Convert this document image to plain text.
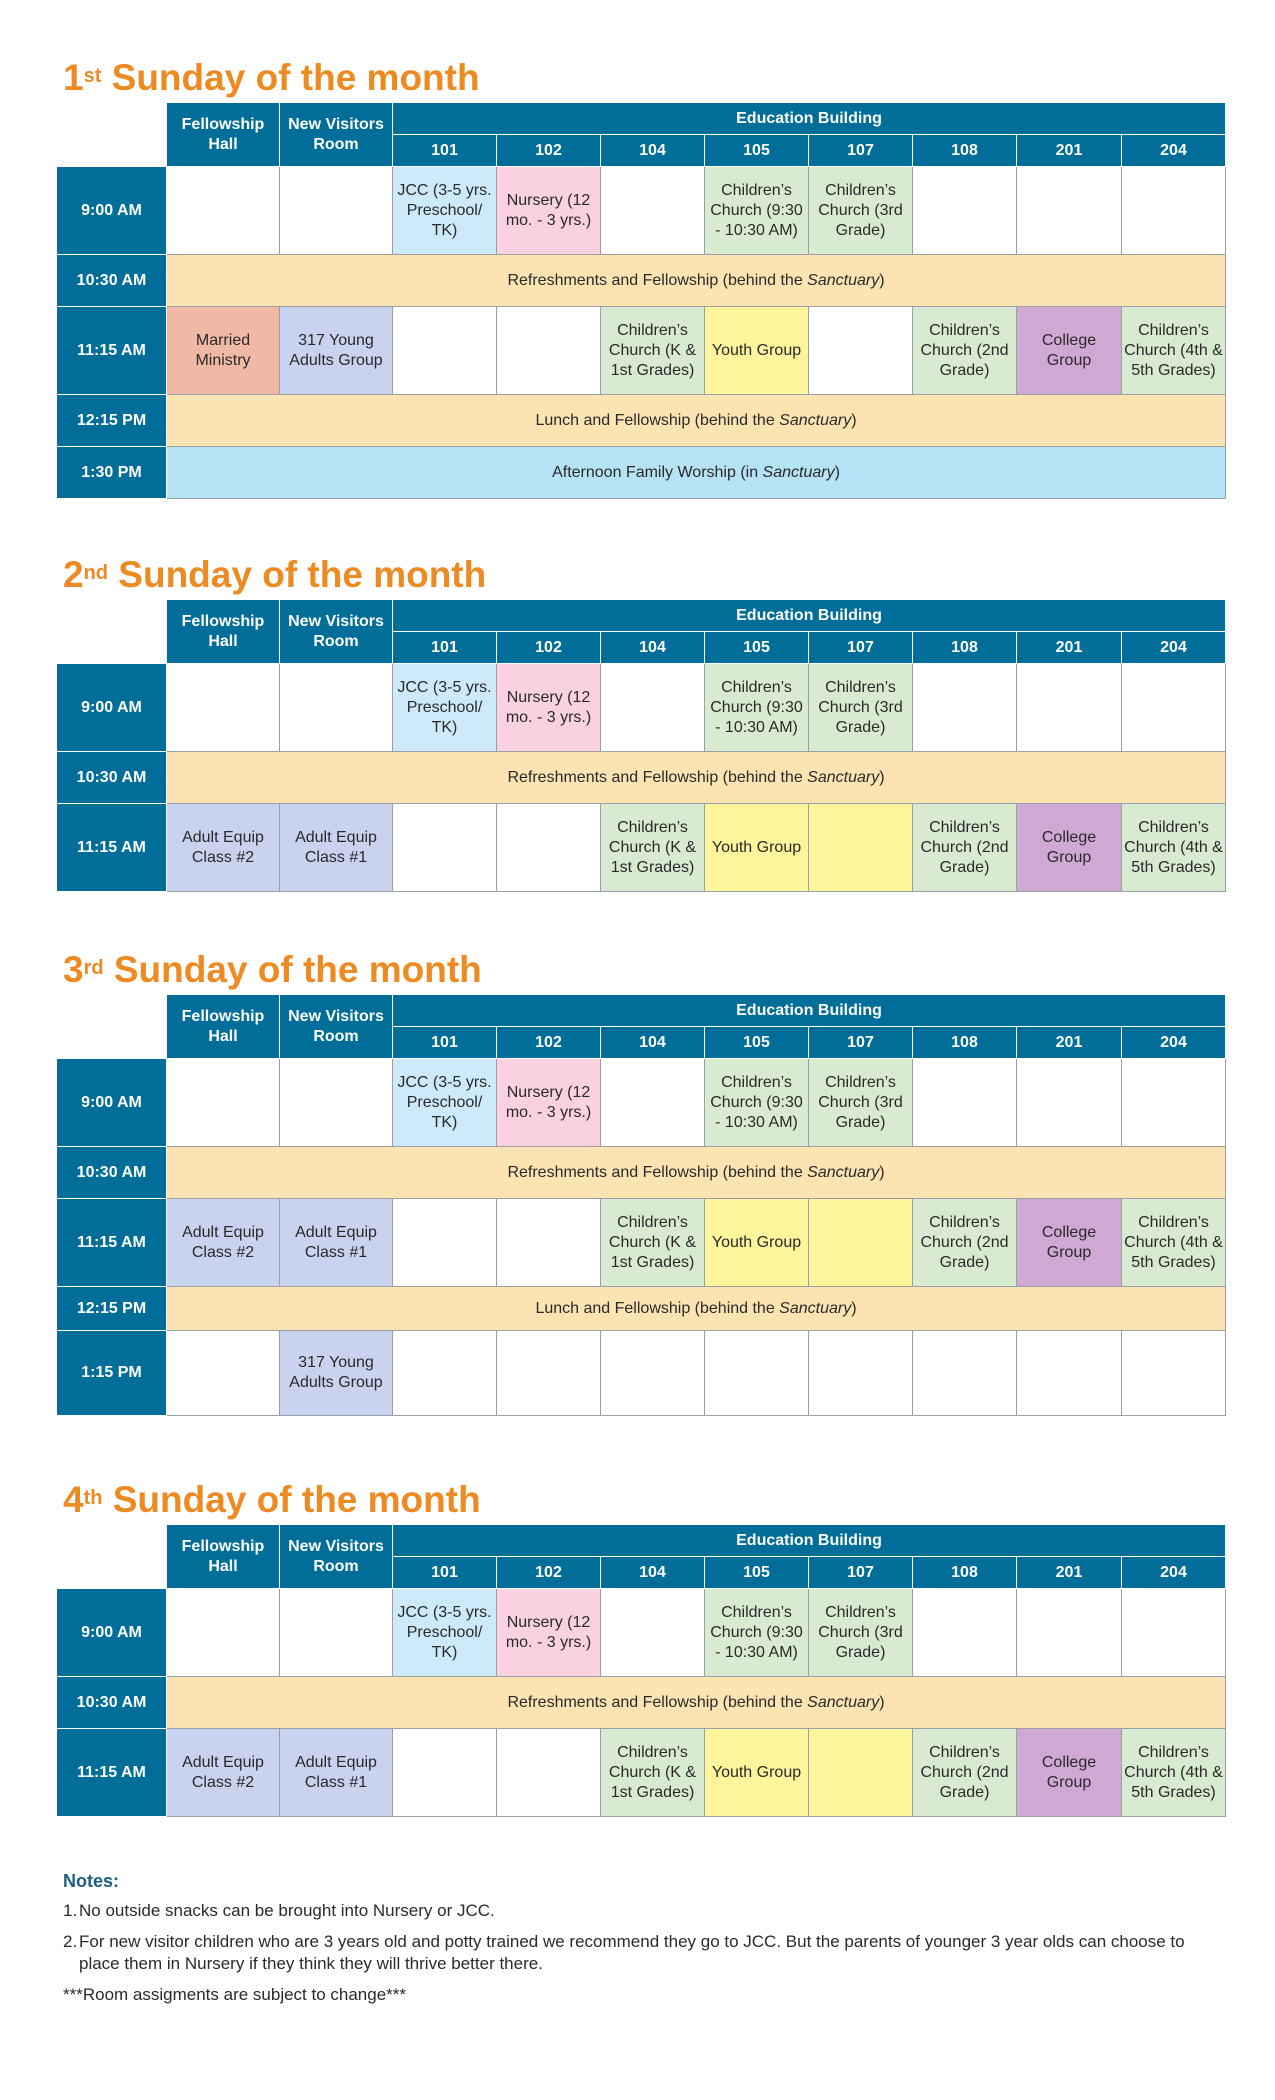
1st Sunday of the month
	Fellowship Hall	New Visitors Room	Education Building							
			101	102	104	105	107	108	201	204
9:00 AM			JCC (3-5 yrs. Preschool/ TK)	Nursery (12 mo. - 3 yrs.)		Children’s Church (9:30 - 10:30 AM)	Children’s Church (3rd Grade)			
10:30 AM	Refreshments and Fellowship (behind the Sanctuary)									
11:15 AM	Married Ministry	317 Young Adults Group			Children’s Church (K & 1st Grades)	Youth Group		Children’s Church (2nd Grade)	College Group	Children’s Church (4th & 5th Grades)
12:15 PM	Lunch and Fellowship (behind the Sanctuary)									
1:30 PM	Afternoon Family Worship (in Sanctuary)									
2nd Sunday of the month
	Fellowship Hall	New Visitors Room	Education Building							
			101	102	104	105	107	108	201	204
9:00 AM			JCC (3-5 yrs. Preschool/ TK)	Nursery (12 mo. - 3 yrs.)		Children’s Church (9:30 - 10:30 AM)	Children’s Church (3rd Grade)			
10:30 AM	Refreshments and Fellowship (behind the Sanctuary)									
11:15 AM	Adult Equip Class #2	Adult Equip Class #1			Children’s Church (K & 1st Grades)	Youth Group		Children’s Church (2nd Grade)	College Group	Children’s Church (4th & 5th Grades)
3rd Sunday of the month
	Fellowship Hall	New Visitors Room	Education Building							
			101	102	104	105	107	108	201	204
9:00 AM			JCC (3-5 yrs. Preschool/ TK)	Nursery (12 mo. - 3 yrs.)		Children’s Church (9:30 - 10:30 AM)	Children’s Church (3rd Grade)			
10:30 AM	Refreshments and Fellowship (behind the Sanctuary)									
11:15 AM	Adult Equip Class #2	Adult Equip Class #1			Children’s Church (K & 1st Grades)	Youth Group		Children’s Church (2nd Grade)	College Group	Children’s Church (4th & 5th Grades)
12:15 PM	Lunch and Fellowship (behind the Sanctuary)									
1:15 PM		317 Young Adults Group								
4th Sunday of the month
	Fellowship Hall	New Visitors Room	Education Building							
			101	102	104	105	107	108	201	204
9:00 AM			JCC (3-5 yrs. Preschool/ TK)	Nursery (12 mo. - 3 yrs.)		Children’s Church (9:30 - 10:30 AM)	Children’s Church (3rd Grade)			
10:30 AM	Refreshments and Fellowship (behind the Sanctuary)									
11:15 AM	Adult Equip Class #2	Adult Equip Class #1			Children’s Church (K & 1st Grades)	Youth Group		Children’s Church (2nd Grade)	College Group	Children’s Church (4th & 5th Grades)
Notes:
1. No outside snacks can be brought into Nursery or JCC.
2. For new visitor children who are 3 years old and potty trained we recommend they go to JCC. But the parents of younger 3 year olds can choose to place them in Nursery if they think they will thrive better there.
***Room assigments are subject to change***
